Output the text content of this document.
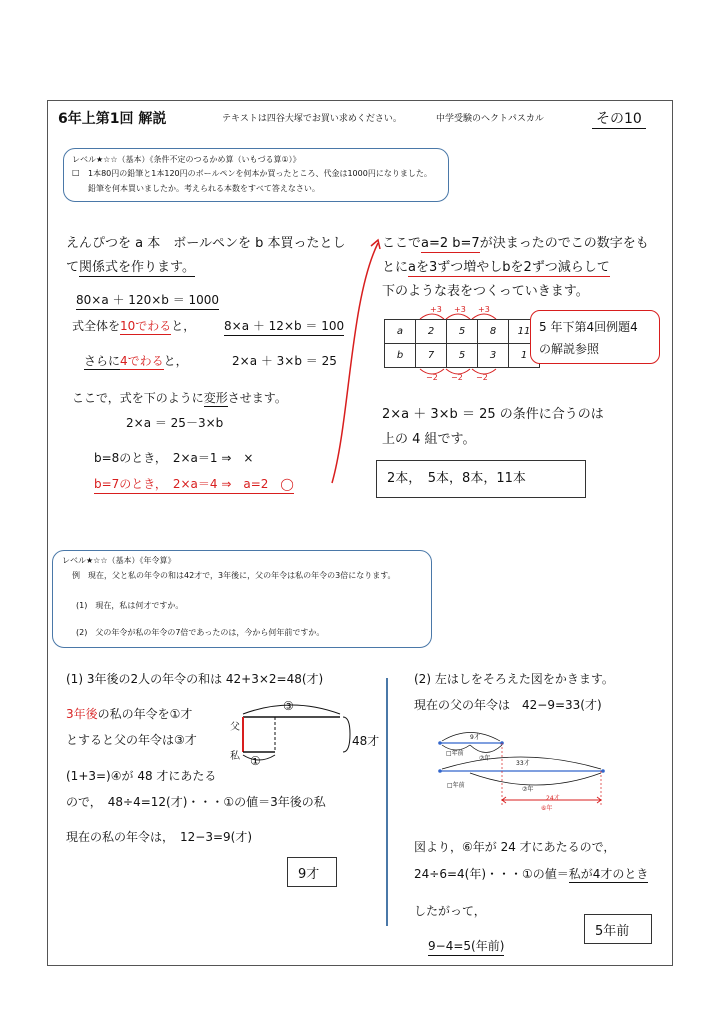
6年上第1回 解説	テキストは四谷大塚でお買い求めください。	中学受験のヘクトパスカル	その10
レベル★☆☆（基本）《条件不定のつるかめ算（いもづる算①）》
□ 1本80円の鉛筆と1本120円のボールペンを何本か買ったところ、代金は1000円になりました。
鉛筆を何本買いましたか。考えられる本数をすべて答えなさい。
えんぴつを a 本　ボールペンを b 本買ったとし
て関係式を作ります。
80×a ＋ 120×b ＝ 1000
式全体を10でわると， 8×a ＋ 12×b ＝ 100
さらに4でわると，	2×a ＋ 3×b ＝ 25
ここで，式を下のように変形させます。
2×a ＝ 25－3×b
b=8のとき，　2×a＝1 ⇒　×
b=7のとき，　2×a＝4 ⇒　a=2　◯
ここでa=2 b=7が決まったのでこの数字をも
とにaを3ずつ増やしbを2ずつ減らして
下のような表をつくっていきます。
+3 +3 +3
a	2	5	8	11
b	7	5	3	1
−2 −2 −2
5 年下第4回例題4
の解説参照
2×a ＋ 3×b ＝ 25 の条件に合うのは
上の 4 組です。
2本，　5本，8本，11本
レベル★☆☆（基本）《年令算》
例 現在，父と私の年令の和は42才で，3年後に，父の年令は私の年令の3倍になります。
(1)　現在，私は何才ですか。
(2)　父の年令が私の年令の7倍であったのは，今から何年前ですか。
(1) 3年後の2人の年令の和は 42+3×2=48(才)
3年後の私の年令を①才
とすると父の年令は③才
父
私
③
①
48才
(1+3=)④が 48 才にあたる
ので，　48÷4=12(才)・・・①の値＝3年後の私
現在の私の年令は，　12−3=9(才)
9才
(2) 左はしをそろえた図をかきます。
現在の父の年令は　42−9=33(才)
9才
□年前
⑦年
33才
□年前
⑦年
24才
⑥年
図より，⑥年が 24 才にあたるので，
24÷6=4(年)・・・①の値＝私が4才のとき
したがって，
9−4=5(年前)
5年前
